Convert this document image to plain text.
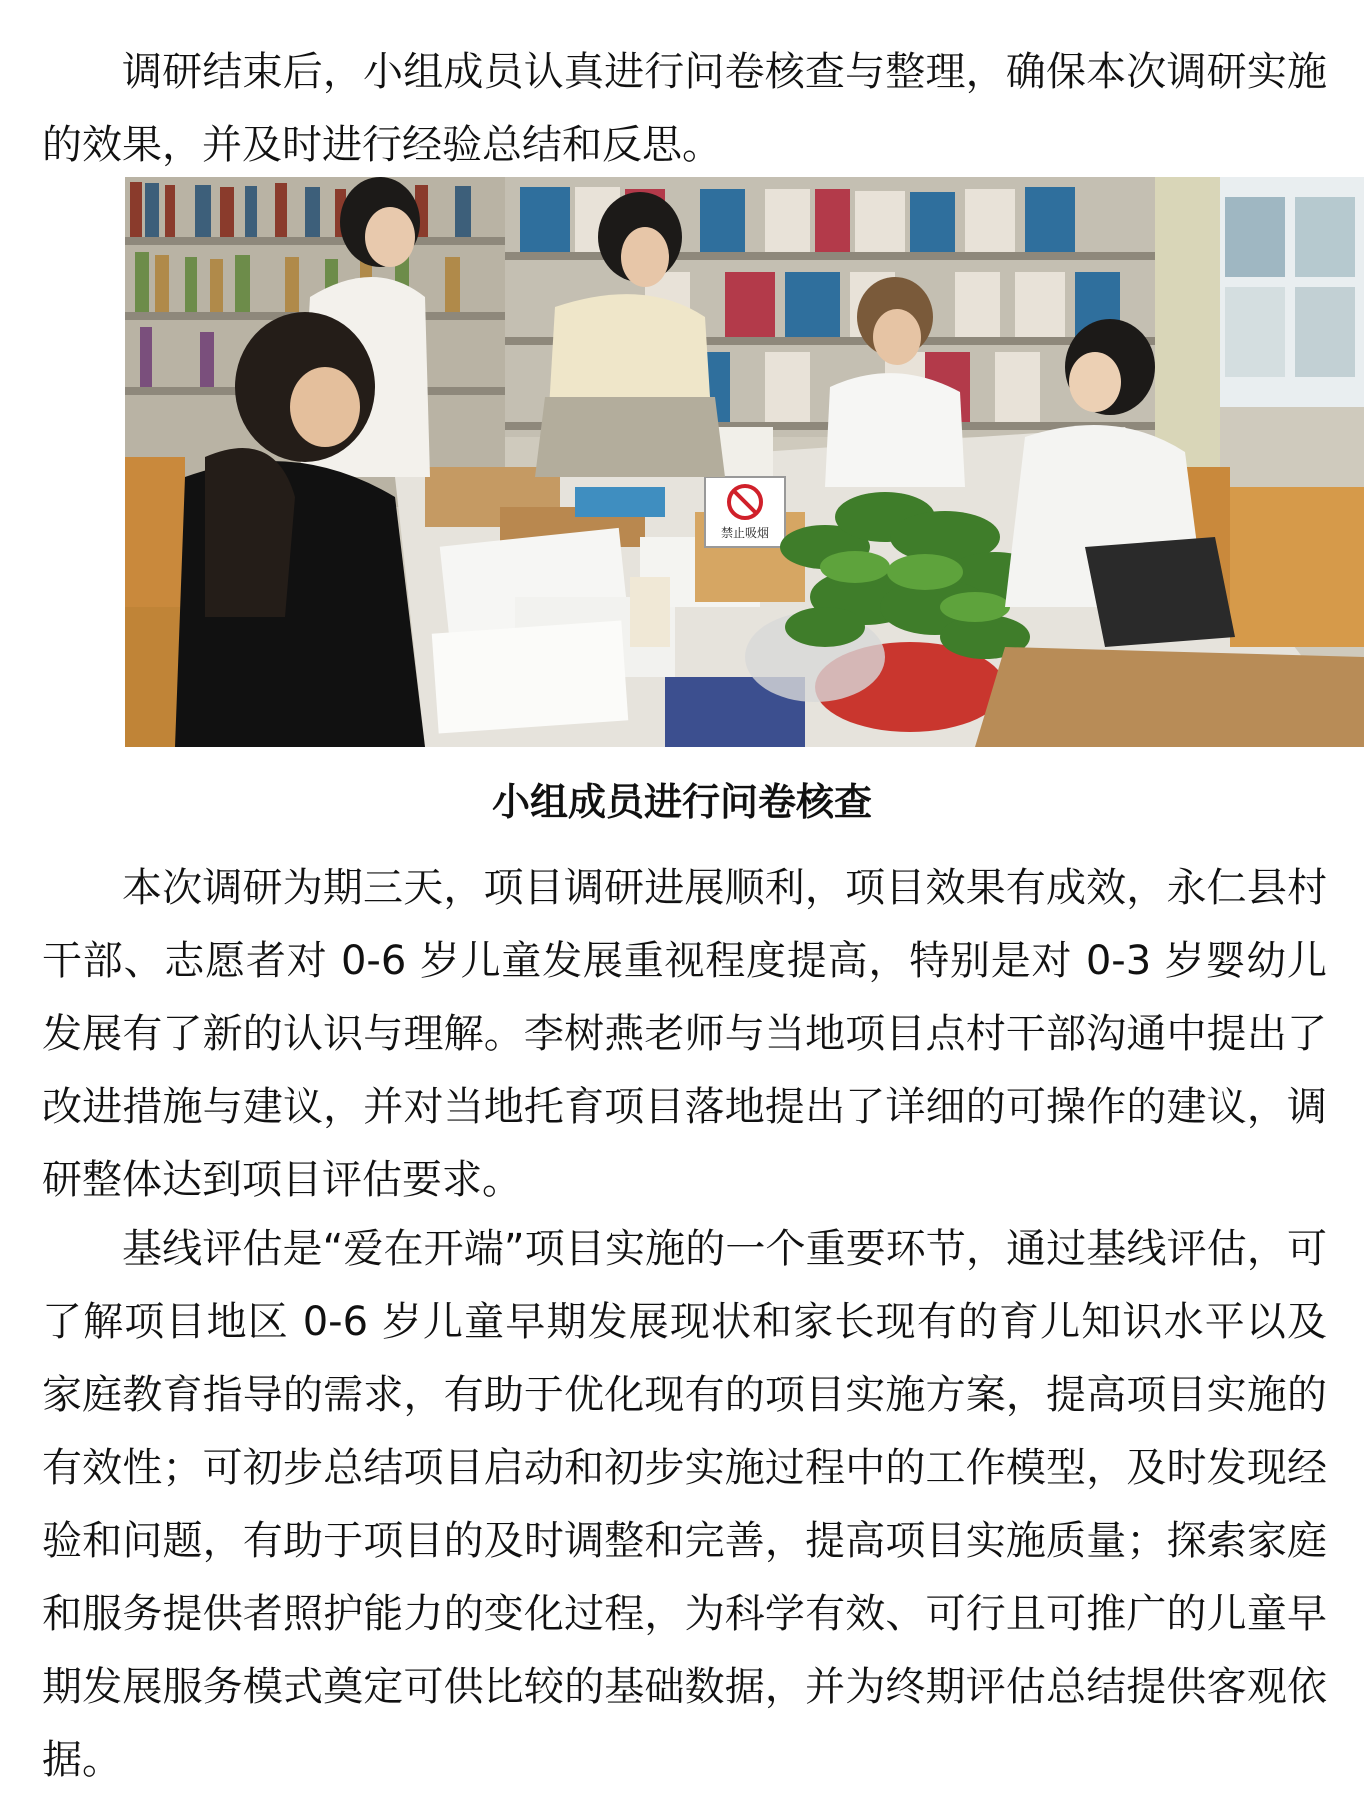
调研结束后，小组成员认真进行问卷核查与整理，确保本次调研实施的效果，并及时进行经验总结和反思。

禁止吸烟

小组成员进行问卷核查

本次调研为期三天，项目调研进展顺利，项目效果有成效，永仁县村干部、志愿者对 0-6 岁儿童发展重视程度提高，特别是对 0-3 岁婴幼儿发展有了新的认识与理解。李树燕老师与当地项目点村干部沟通中提出了改进措施与建议，并对当地托育项目落地提出了详细的可操作的建议，调研整体达到项目评估要求。

基线评估是“爱在开端”项目实施的一个重要环节，通过基线评估，可了解项目地区 0-6 岁儿童早期发展现状和家长现有的育儿知识水平以及家庭教育指导的需求，有助于优化现有的项目实施方案，提高项目实施的有效性；可初步总结项目启动和初步实施过程中的工作模型，及时发现经验和问题，有助于项目的及时调整和完善，提高项目实施质量；探索家庭和服务提供者照护能力的变化过程，为科学有效、可行且可推广的儿童早期发展服务模式奠定可供比较的基础数据，并为终期评估总结提供客观依据。
